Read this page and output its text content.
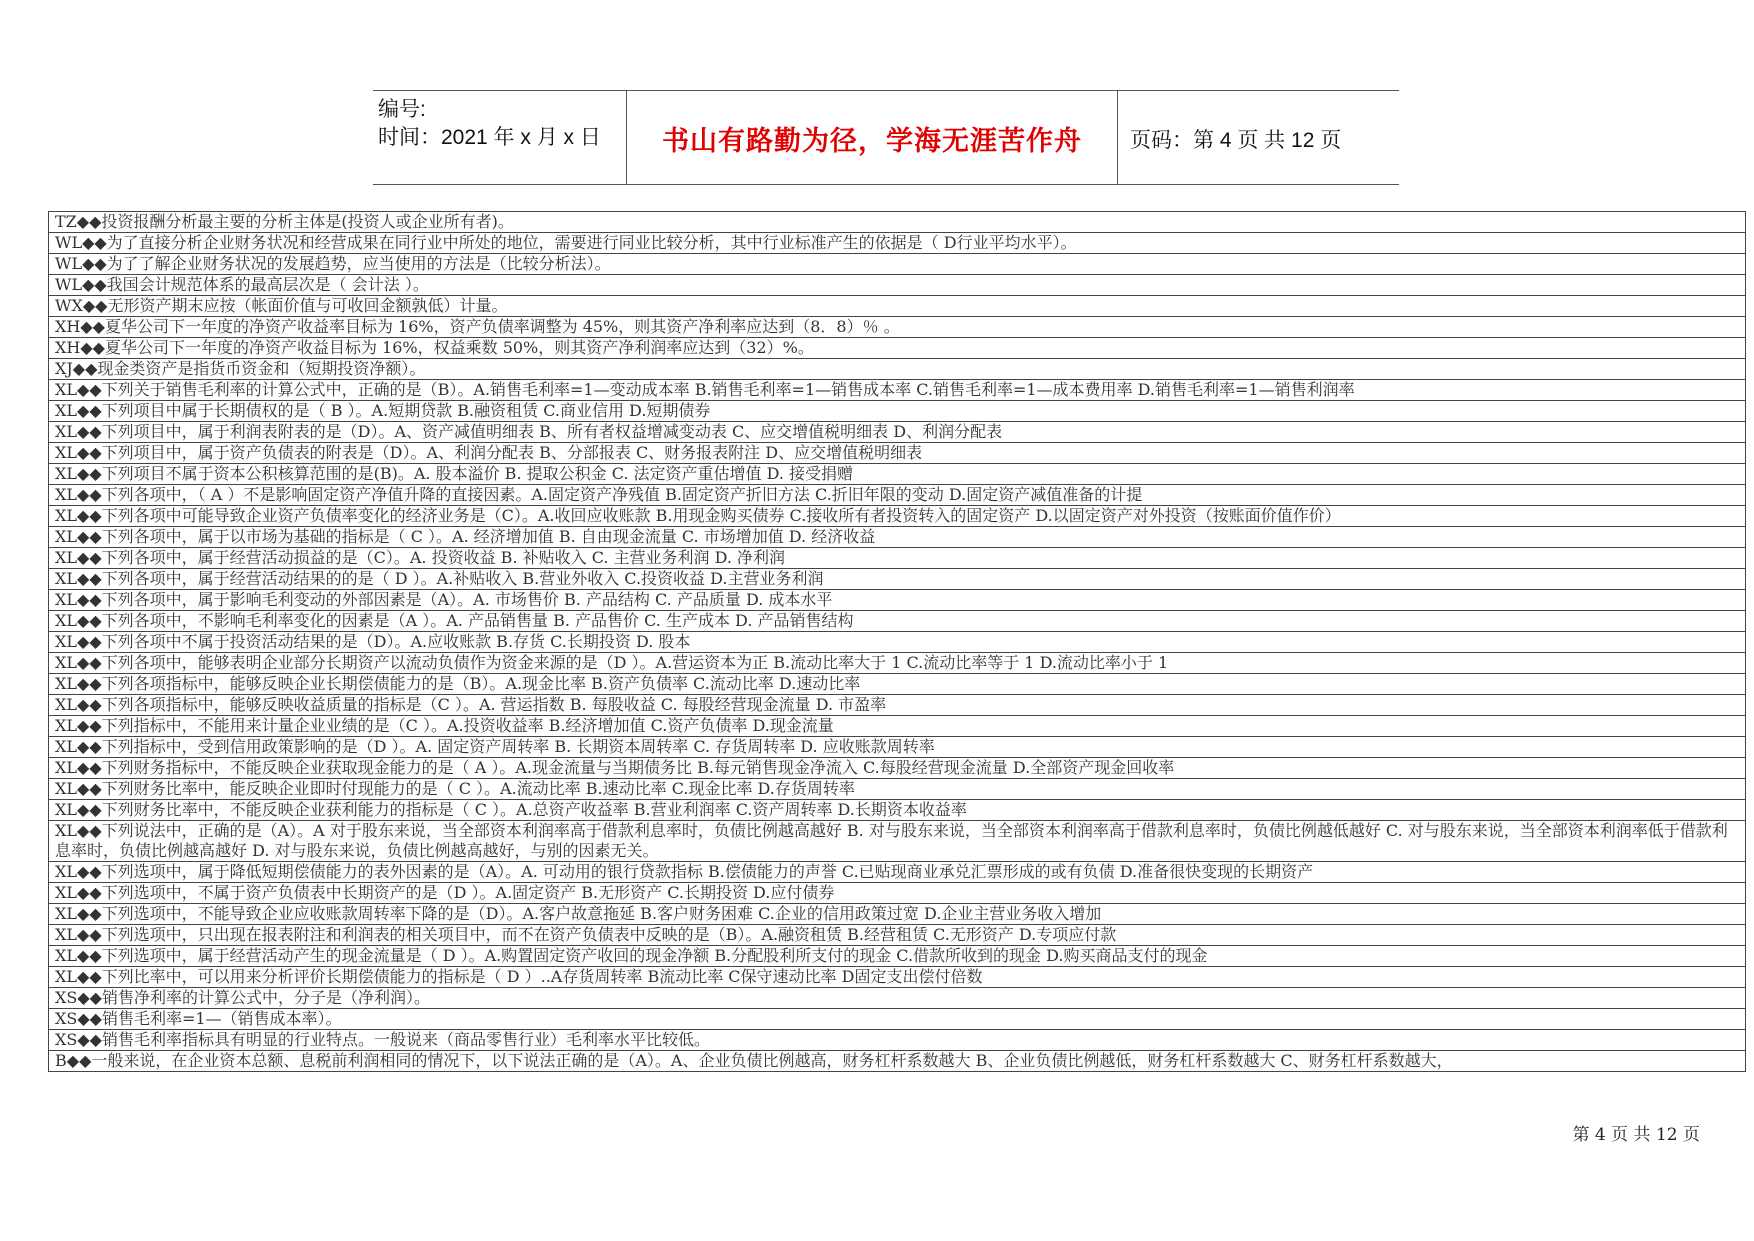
编号:
时间：2021 年 x 月 x 日	书山有路勤为径，学海无涯苦作舟	页码：第 4 页 共 12 页
TZ◆◆投资报酬分析最主要的分析主体是(投资人或企业所有者)。
WL◆◆为了直接分析企业财务状况和经营成果在同行业中所处的地位，需要进行同业比较分析，其中行业标准产生的依据是（ D行业平均水平）。
WL◆◆为了了解企业财务状况的发展趋势，应当使用的方法是（比较分析法）。
WL◆◆我国会计规范体系的最高层次是（ 会计法 ）。
WX◆◆无形资产期末应按（帐面价值与可收回金额孰低）计量。
XH◆◆夏华公司下一年度的净资产收益率目标为 16%，资产负债率调整为 45%，则其资产净利率应达到（8．8）％ 。
XH◆◆夏华公司下一年度的净资产收益目标为 16%，权益乘数 50%，则其资产净利润率应达到（32）%。
XJ◆◆现金类资产是指货币资金和（短期投资净额）。
XL◆◆下列关于销售毛利率的计算公式中，正确的是（B）。A.销售毛利率=1—变动成本率 B.销售毛利率=1—销售成本率 C.销售毛利率=1—成本费用率 D.销售毛利率=1—销售利润率
XL◆◆下列项目中属于长期债权的是（ B ）。A.短期贷款 B.融资租赁 C.商业信用 D.短期债券
XL◆◆下列项目中，属于利润表附表的是（D）。A、资产减值明细表 B、所有者权益增减变动表 C、应交增值税明细表 D、利润分配表
XL◆◆下列项目中，属于资产负债表的附表是（D）。A、利润分配表 B、分部报表 C、财务报表附注 D、应交增值税明细表
XL◆◆下列项目不属于资本公积核算范围的是(B)。A. 股本溢价 B. 提取公积金 C. 法定资产重估增值 D. 接受捐赠
XL◆◆下列各项中，（ A ）不是影响固定资产净值升降的直接因素。A.固定资产净残值 B.固定资产折旧方法 C.折旧年限的变动 D.固定资产减值准备的计提
XL◆◆下列各项中可能导致企业资产负债率变化的经济业务是（C）。A.收回应收账款 B.用现金购买债券 C.接收所有者投资转入的固定资产 D.以固定资产对外投资（按账面价值作价）
XL◆◆下列各项中，属于以市场为基础的指标是（ C ）。A. 经济增加值 B. 自由现金流量 C. 市场增加值 D. 经济收益
XL◆◆下列各项中，属于经营活动损益的是（C）。A. 投资收益 B. 补贴收入 C. 主营业务利润 D. 净利润
XL◆◆下列各项中，属于经营活动结果的的是（ D ）。A.补贴收入 B.营业外收入 C.投资收益 D.主营业务利润
XL◆◆下列各项中，属于影响毛利变动的外部因素是（A）。A. 市场售价 B. 产品结构 C. 产品质量 D. 成本水平
XL◆◆下列各项中，不影响毛利率变化的因素是（A ）。A. 产品销售量 B. 产品售价 C. 生产成本 D. 产品销售结构
XL◆◆下列各项中不属于投资活动结果的是（D）。A.应收账款 B.存货 C.长期投资 D. 股本
XL◆◆下列各项中，能够表明企业部分长期资产以流动负债作为资金来源的是（D ）。A.营运资本为正 B.流动比率大于 1 C.流动比率等于 1 D.流动比率小于 1
XL◆◆下列各项指标中，能够反映企业长期偿债能力的是（B）。A.现金比率 B.资产负债率 C.流动比率 D.速动比率
XL◆◆下列各项指标中，能够反映收益质量的指标是（C ）。A. 营运指数 B. 每股收益 C. 每股经营现金流量 D. 市盈率
XL◆◆下列指标中，不能用来计量企业业绩的是（C ）。A.投资收益率 B.经济增加值 C.资产负债率 D.现金流量
XL◆◆下列指标中，受到信用政策影响的是（D ）。A. 固定资产周转率 B. 长期资本周转率 C. 存货周转率 D. 应收账款周转率
XL◆◆下列财务指标中，不能反映企业获取现金能力的是（ A ）。A.现金流量与当期债务比 B.每元销售现金净流入 C.每股经营现金流量 D.全部资产现金回收率
XL◆◆下列财务比率中，能反映企业即时付现能力的是（ C ）。A.流动比率 B.速动比率 C.现金比率 D.存货周转率
XL◆◆下列财务比率中，不能反映企业获利能力的指标是（ C ）。A.总资产收益率 B.营业利润率 C.资产周转率 D.长期资本收益率
XL◆◆下列说法中，正确的是（A）。A 对于股东来说，当全部资本利润率高于借款利息率时，负债比例越高越好 B. 对与股东来说，当全部资本利润率高于借款利息率时，负债比例越低越好 C. 对与股东来说，当全部资本利润率低于借款利息率时，负债比例越高越好 D. 对与股东来说，负债比例越高越好，与别的因素无关。
XL◆◆下列选项中，属于降低短期偿债能力的表外因素的是（A）。A. 可动用的银行贷款指标 B.偿债能力的声誉 C.已贴现商业承兑汇票形成的或有负债 D.准备很快变现的长期资产
XL◆◆下列选项中，不属于资产负债表中长期资产的是（D ）。A.固定资产 B.无形资产 C.长期投资 D.应付债券
XL◆◆下列选项中，不能导致企业应收账款周转率下降的是（D）。A.客户故意拖延 B.客户财务困难 C.企业的信用政策过宽 D.企业主营业务收入增加
XL◆◆下列选项中，只出现在报表附注和利润表的相关项目中，而不在资产负债表中反映的是（B）。A.融资租赁 B.经营租赁 C.无形资产 D.专项应付款
XL◆◆下列选项中，属于经营活动产生的现金流量是（ D ）。A.购置固定资产收回的现金净额 B.分配股利所支付的现金 C.借款所收到的现金 D.购买商品支付的现金
XL◆◆下列比率中，可以用来分析评价长期偿债能力的指标是（ D ）..A存货周转率 B流动比率 C保守速动比率 D固定支出偿付倍数
XS◆◆销售净利率的计算公式中，分子是（净利润）。
XS◆◆销售毛利率=1—（销售成本率）。
XS◆◆销售毛利率指标具有明显的行业特点。一般说来（商品零售行业）毛利率水平比较低。
B◆◆一般来说，在企业资本总额、息税前利润相同的情况下，以下说法正确的是（A）。A、企业负债比例越高，财务杠杆系数越大 B、企业负债比例越低，财务杠杆系数越大 C、财务杠杆系数越大，
第 4 页 共 12 页
